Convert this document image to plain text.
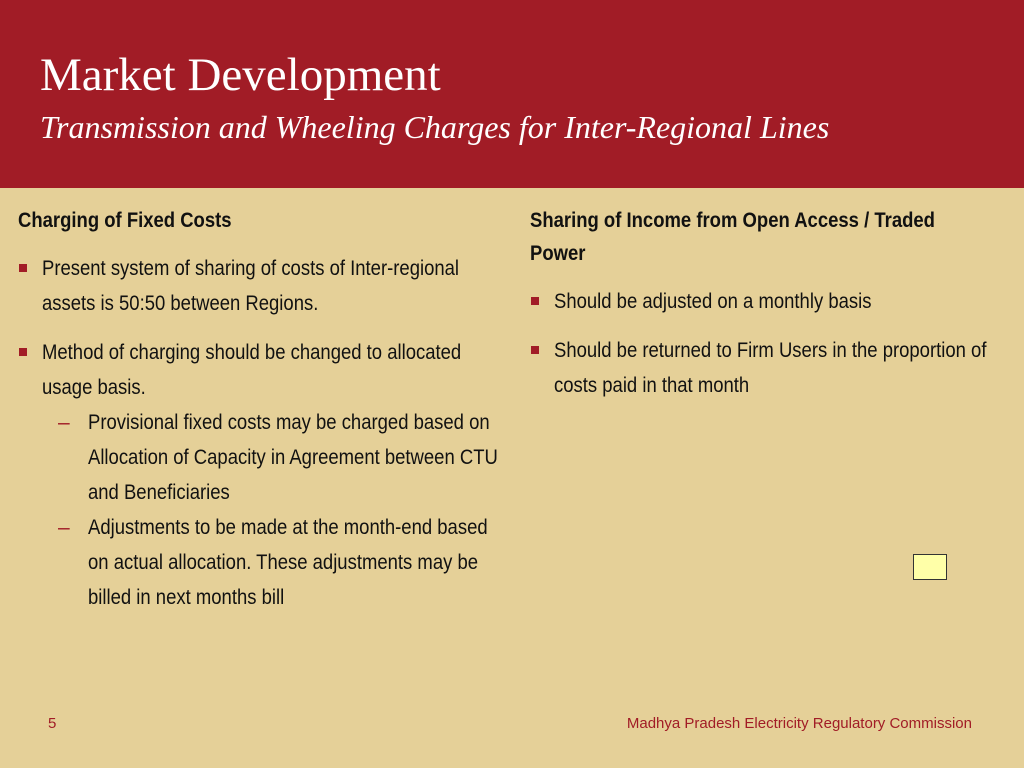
Market Development
Transmission and Wheeling Charges for Inter-Regional Lines
Charging of Fixed Costs
Present system of sharing of costs of Inter-regional assets is 50:50 between Regions.
Method of charging should be changed to allocated usage basis.
– Provisional fixed costs may be charged based on Allocation of Capacity in Agreement between CTU and Beneficiaries
– Adjustments to be made at the month-end based on actual allocation. These adjustments may be billed in next months bill
Sharing of Income from Open Access / Traded Power
Should be adjusted on a monthly basis
Should be returned to Firm Users in the proportion of costs paid in that month
5	Madhya Pradesh Electricity Regulatory Commission
